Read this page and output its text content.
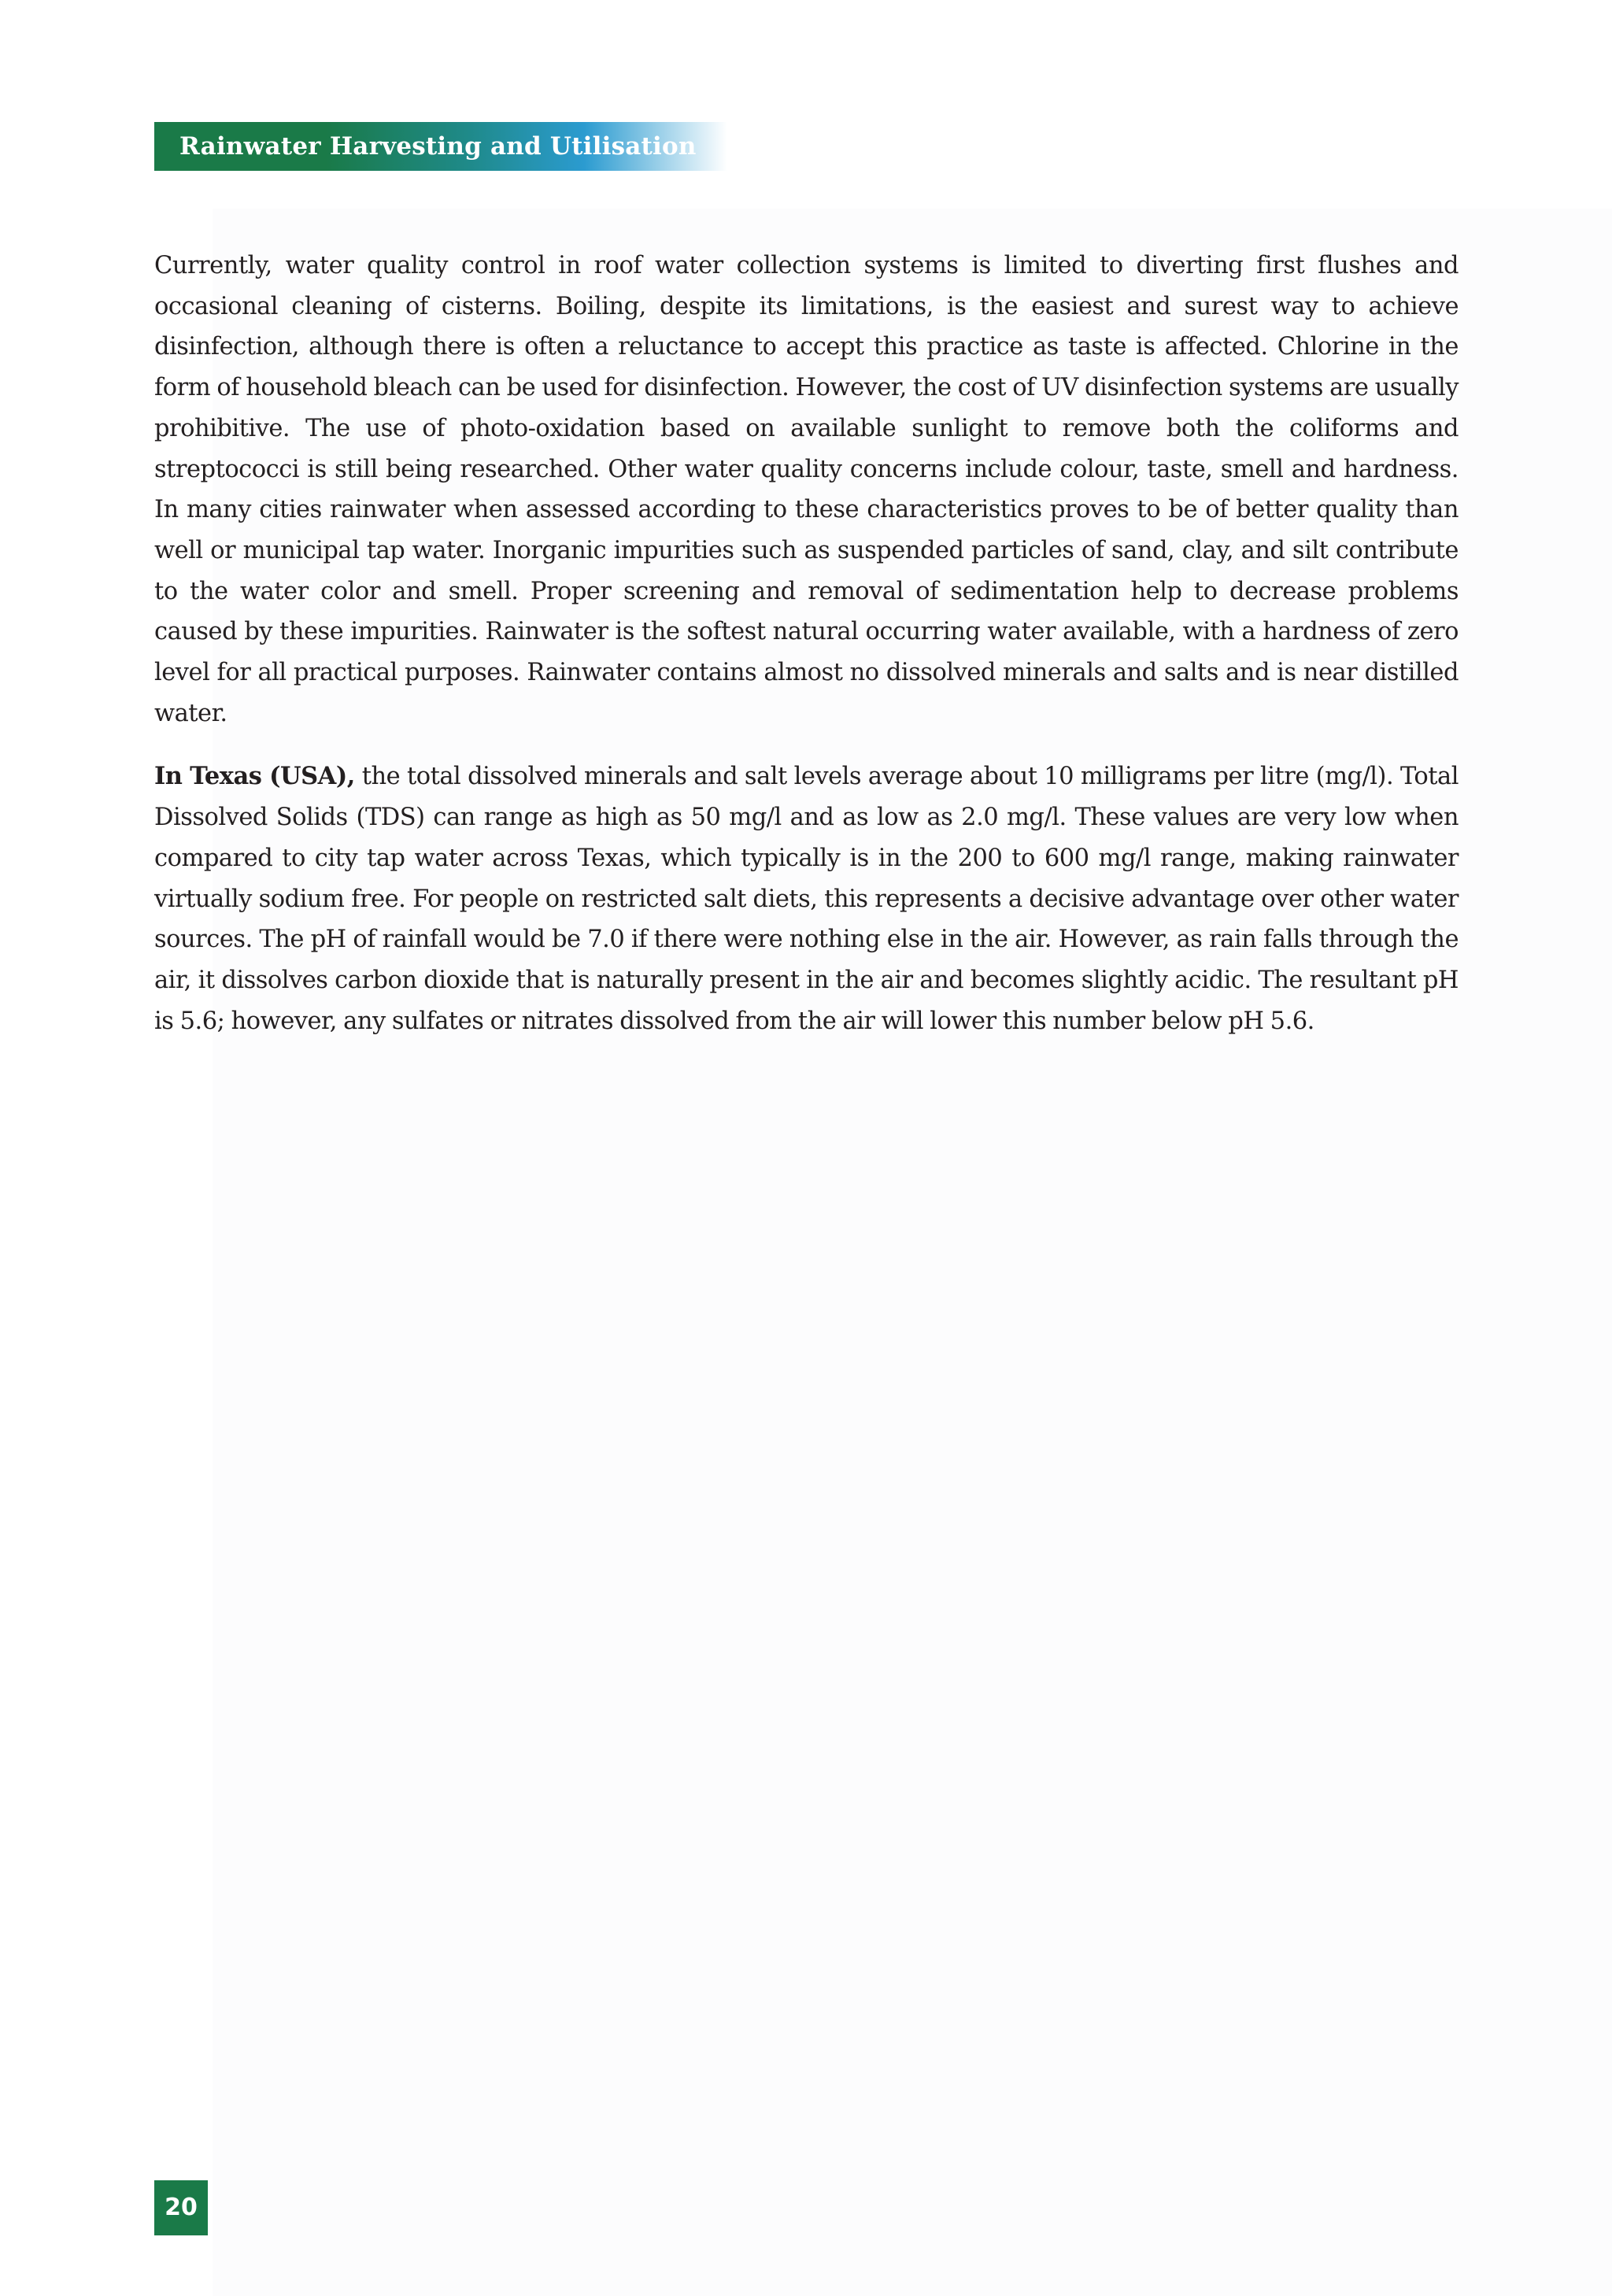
Rainwater Harvesting and Utilisation

Currently, water quality control in roof water collection systems is limited to diverting first flushes and occasional cleaning of cisterns. Boiling, despite its limitations, is the easiest and surest way to achieve disinfection, although there is often a reluctance to accept this practice as taste is affected. Chlorine in the form of household bleach can be used for disinfection. However, the cost of UV disinfection systems are usually prohibitive. The use of photo-oxidation based on available sunlight to remove both the coliforms and streptococci is still being researched. Other water quality concerns include colour, taste, smell and hardness. In many cities rainwater when assessed according to these characteristics proves to be of better quality than well or municipal tap water. Inorganic impurities such as suspended particles of sand, clay, and silt contribute to the water color and smell. Proper screening and removal of sedimentation help to decrease problems caused by these impurities. Rainwater is the softest natural occurring water available, with a hardness of zero level for all practical purposes. Rainwater contains almost no dissolved minerals and salts and is near distilled water.

In Texas (USA), the total dissolved minerals and salt levels average about 10 milligrams per litre (mg/l). Total Dissolved Solids (TDS) can range as high as 50 mg/l and as low as 2.0 mg/l. These values are very low when compared to city tap water across Texas, which typically is in the 200 to 600 mg/l range, making rainwater virtually sodium free. For people on restricted salt diets, this represents a decisive advantage over other water sources. The pH of rainfall would be 7.0 if there were nothing else in the air. However, as rain falls through the air, it dissolves carbon dioxide that is naturally present in the air and becomes slightly acidic. The resultant pH is 5.6; however, any sulfates or nitrates dissolved from the air will lower this number below pH 5.6.

20
